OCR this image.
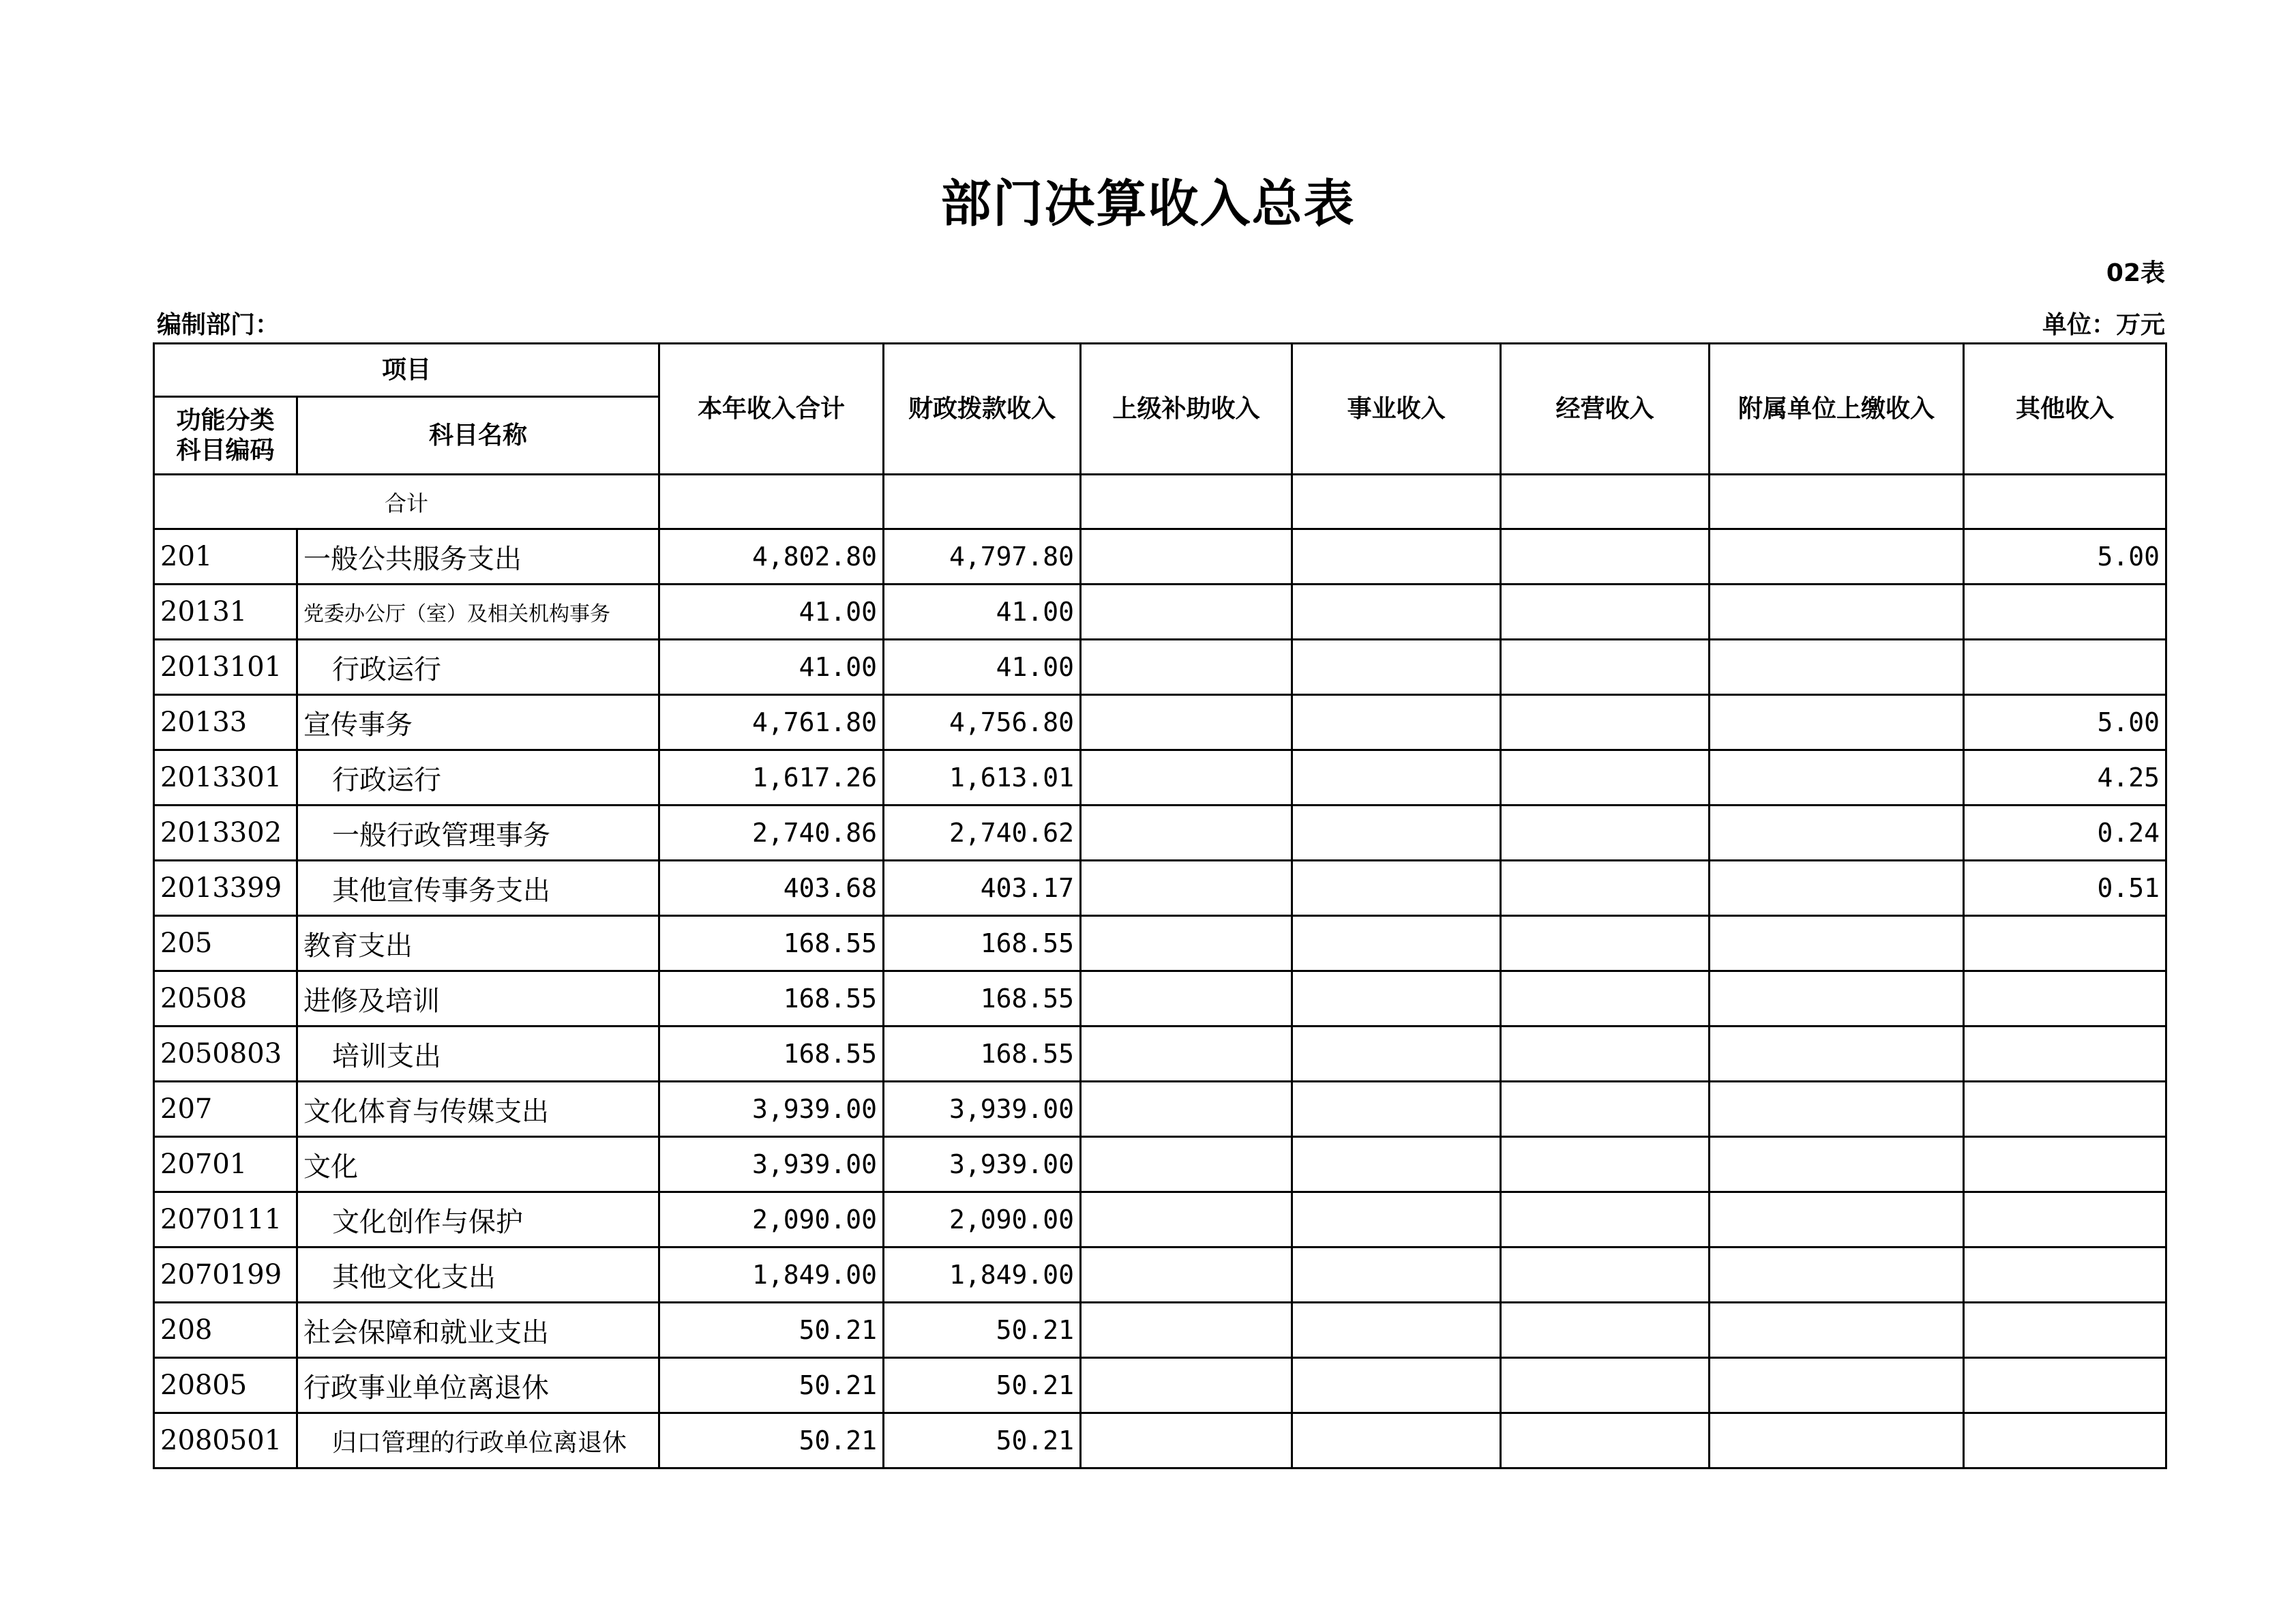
部门决算收入总表
02表
编制部门：	单位：万元
项目		本年收入合计	财政拨款收入	上级补助收入	事业收入	经营收入	附属单位上缴收入	其他收入
功能分类
科目编码	科目名称							
合计								
201	一般公共服务支出	4,802.80	4,797.80					5.00
20131	党委办公厅（室）及相关机构事务	41.00	41.00					
2013101	行政运行	41.00	41.00					
20133	宣传事务	4,761.80	4,756.80					5.00
2013301	行政运行	1,617.26	1,613.01					4.25
2013302	一般行政管理事务	2,740.86	2,740.62					0.24
2013399	其他宣传事务支出	403.68	403.17					0.51
205	教育支出	168.55	168.55					
20508	进修及培训	168.55	168.55					
2050803	培训支出	168.55	168.55					
207	文化体育与传媒支出	3,939.00	3,939.00					
20701	文化	3,939.00	3,939.00					
2070111	文化创作与保护	2,090.00	2,090.00					
2070199	其他文化支出	1,849.00	1,849.00					
208	社会保障和就业支出	50.21	50.21					
20805	行政事业单位离退休	50.21	50.21					
2080501	归口管理的行政单位离退休	50.21	50.21					
